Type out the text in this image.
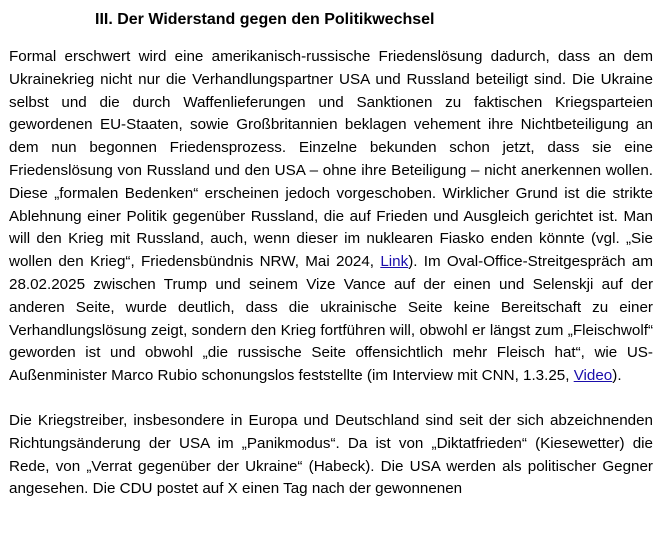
III. Der Widerstand gegen den Politikwechsel

Formal erschwert wird eine amerikanisch-russische Friedenslösung dadurch, dass an dem Ukrainekrieg nicht nur die Verhandlungspartner USA und Russland beteiligt sind. Die Ukraine selbst und die durch Waffenlieferungen und Sanktionen zu faktischen Kriegsparteien gewordenen EU-Staaten, sowie Großbritannien beklagen vehement ihre Nichtbeteiligung an dem nun begonnen Friedensprozess. Einzelne bekunden schon jetzt, dass sie eine Friedenslösung von Russland und den USA – ohne ihre Beteiligung – nicht anerkennen wollen. Diese „formalen Bedenken“ erscheinen jedoch vorgeschoben. Wirklicher Grund ist die strikte Ablehnung einer Politik gegenüber Russland, die auf Frieden und Ausgleich gerichtet ist. Man will den Krieg mit Russland, auch, wenn dieser im nuklearen Fiasko enden könnte (vgl. „Sie wollen den Krieg“, Friedensbündnis NRW, Mai 2024, Link). Im Oval-Office-Streitgespräch am 28.02.2025 zwischen Trump und seinem Vize Vance auf der einen und Selenskji auf der anderen Seite, wurde deutlich, dass die ukrainische Seite keine Bereitschaft zu einer Verhandlungslösung zeigt, sondern den Krieg fortführen will, obwohl er längst zum „Fleischwolf“ geworden ist und obwohl „die russische Seite offensichtlich mehr Fleisch hat“, wie US-Außenminister Marco Rubio schonungslos feststellte (im Interview mit CNN, 1.3.25, Video).

Die Kriegstreiber, insbesondere in Europa und Deutschland sind seit der sich abzeichnenden Richtungsänderung der USA im „Panikmodus“. Da ist von „Diktatfrieden“ (Kiesewetter) die Rede, von „Verrat gegenüber der Ukraine“ (Habeck). Die USA werden als politischer Gegner angesehen. Die CDU postet auf X einen Tag nach der gewonnenen
